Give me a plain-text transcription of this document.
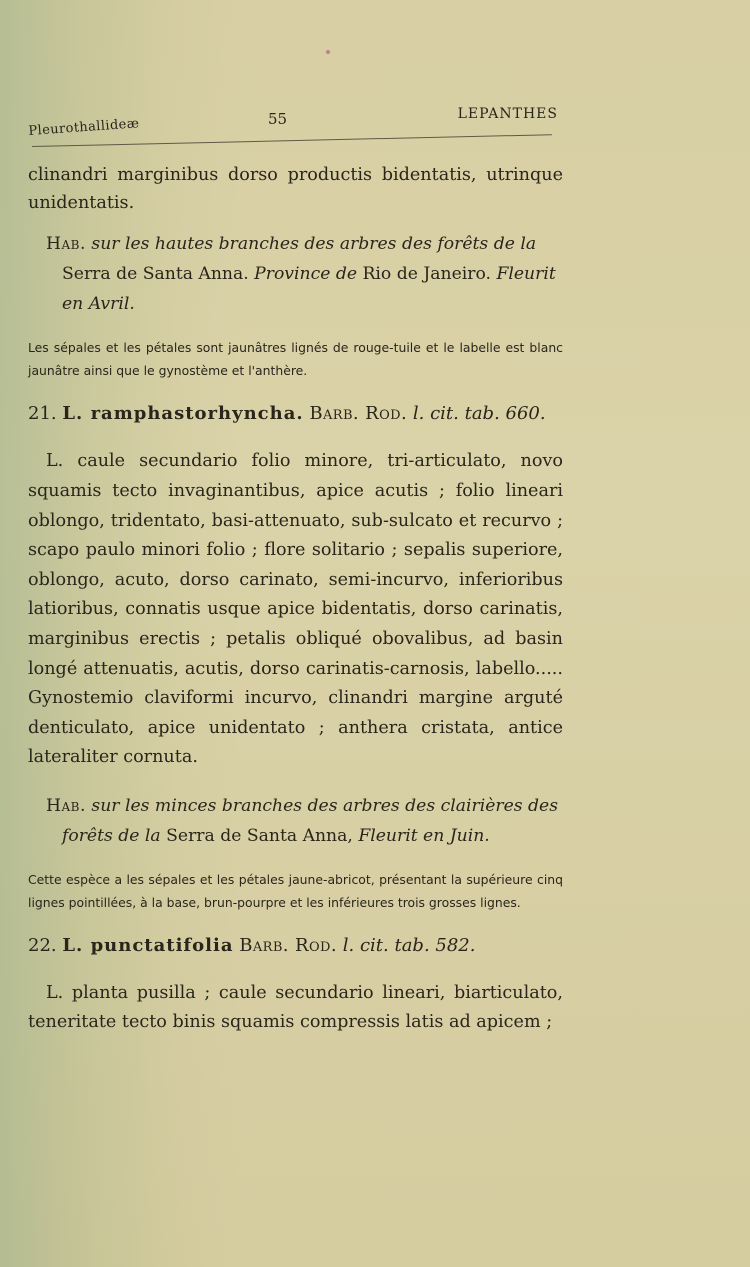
Pleurothallideæ	55	LEPANTHES

clinandri marginibus dorso productis bidentatis, utrinque unidentatis.

Hab. sur les hautes branches des arbres des forêts de la Serra de Santa Anna. Province de Rio de Janeiro. Fleurit en Avril.

Les sépales et les pétales sont jaunâtres lignés de rouge-tuile et le labelle est blanc jaunâtre ainsi que le gynostème et l'anthère.

21. L. ramphastorhyncha. Barb. Rod. l. cit. tab. 660.

L. caule secundario folio minore, tri-articulato, novo squamis tecto invaginantibus, apice acutis ; folio lineari oblongo, tridentato, basi-attenuato, sub-sulcato et recurvo ; scapo paulo minori folio ; flore solitario ; sepalis superiore, oblongo, acuto, dorso carinato, semi-incurvo, inferioribus latioribus, connatis usque apice bidentatis, dorso carinatis, marginibus erectis ; petalis obliqué obovalibus, ad basin longé attenuatis, acutis, dorso carinatis-carnosis, labello..... Gynostemio claviformi incurvo, clinandri margine arguté denticulato, apice unidentato ; anthera cristata, antice lateraliter cornuta.

Hab. sur les minces branches des arbres des clairières des forêts de la Serra de Santa Anna, Fleurit en Juin.

Cette espèce a les sépales et les pétales jaune-abricot, présentant la supérieure cinq lignes pointillées, à la base, brun-pourpre et les inférieures trois grosses lignes.

22. L. punctatifolia Barb. Rod. l. cit. tab. 582.

L. planta pusilla ; caule secundario lineari, biarticulato, teneritate tecto binis squamis compressis latis ad apicem ;
